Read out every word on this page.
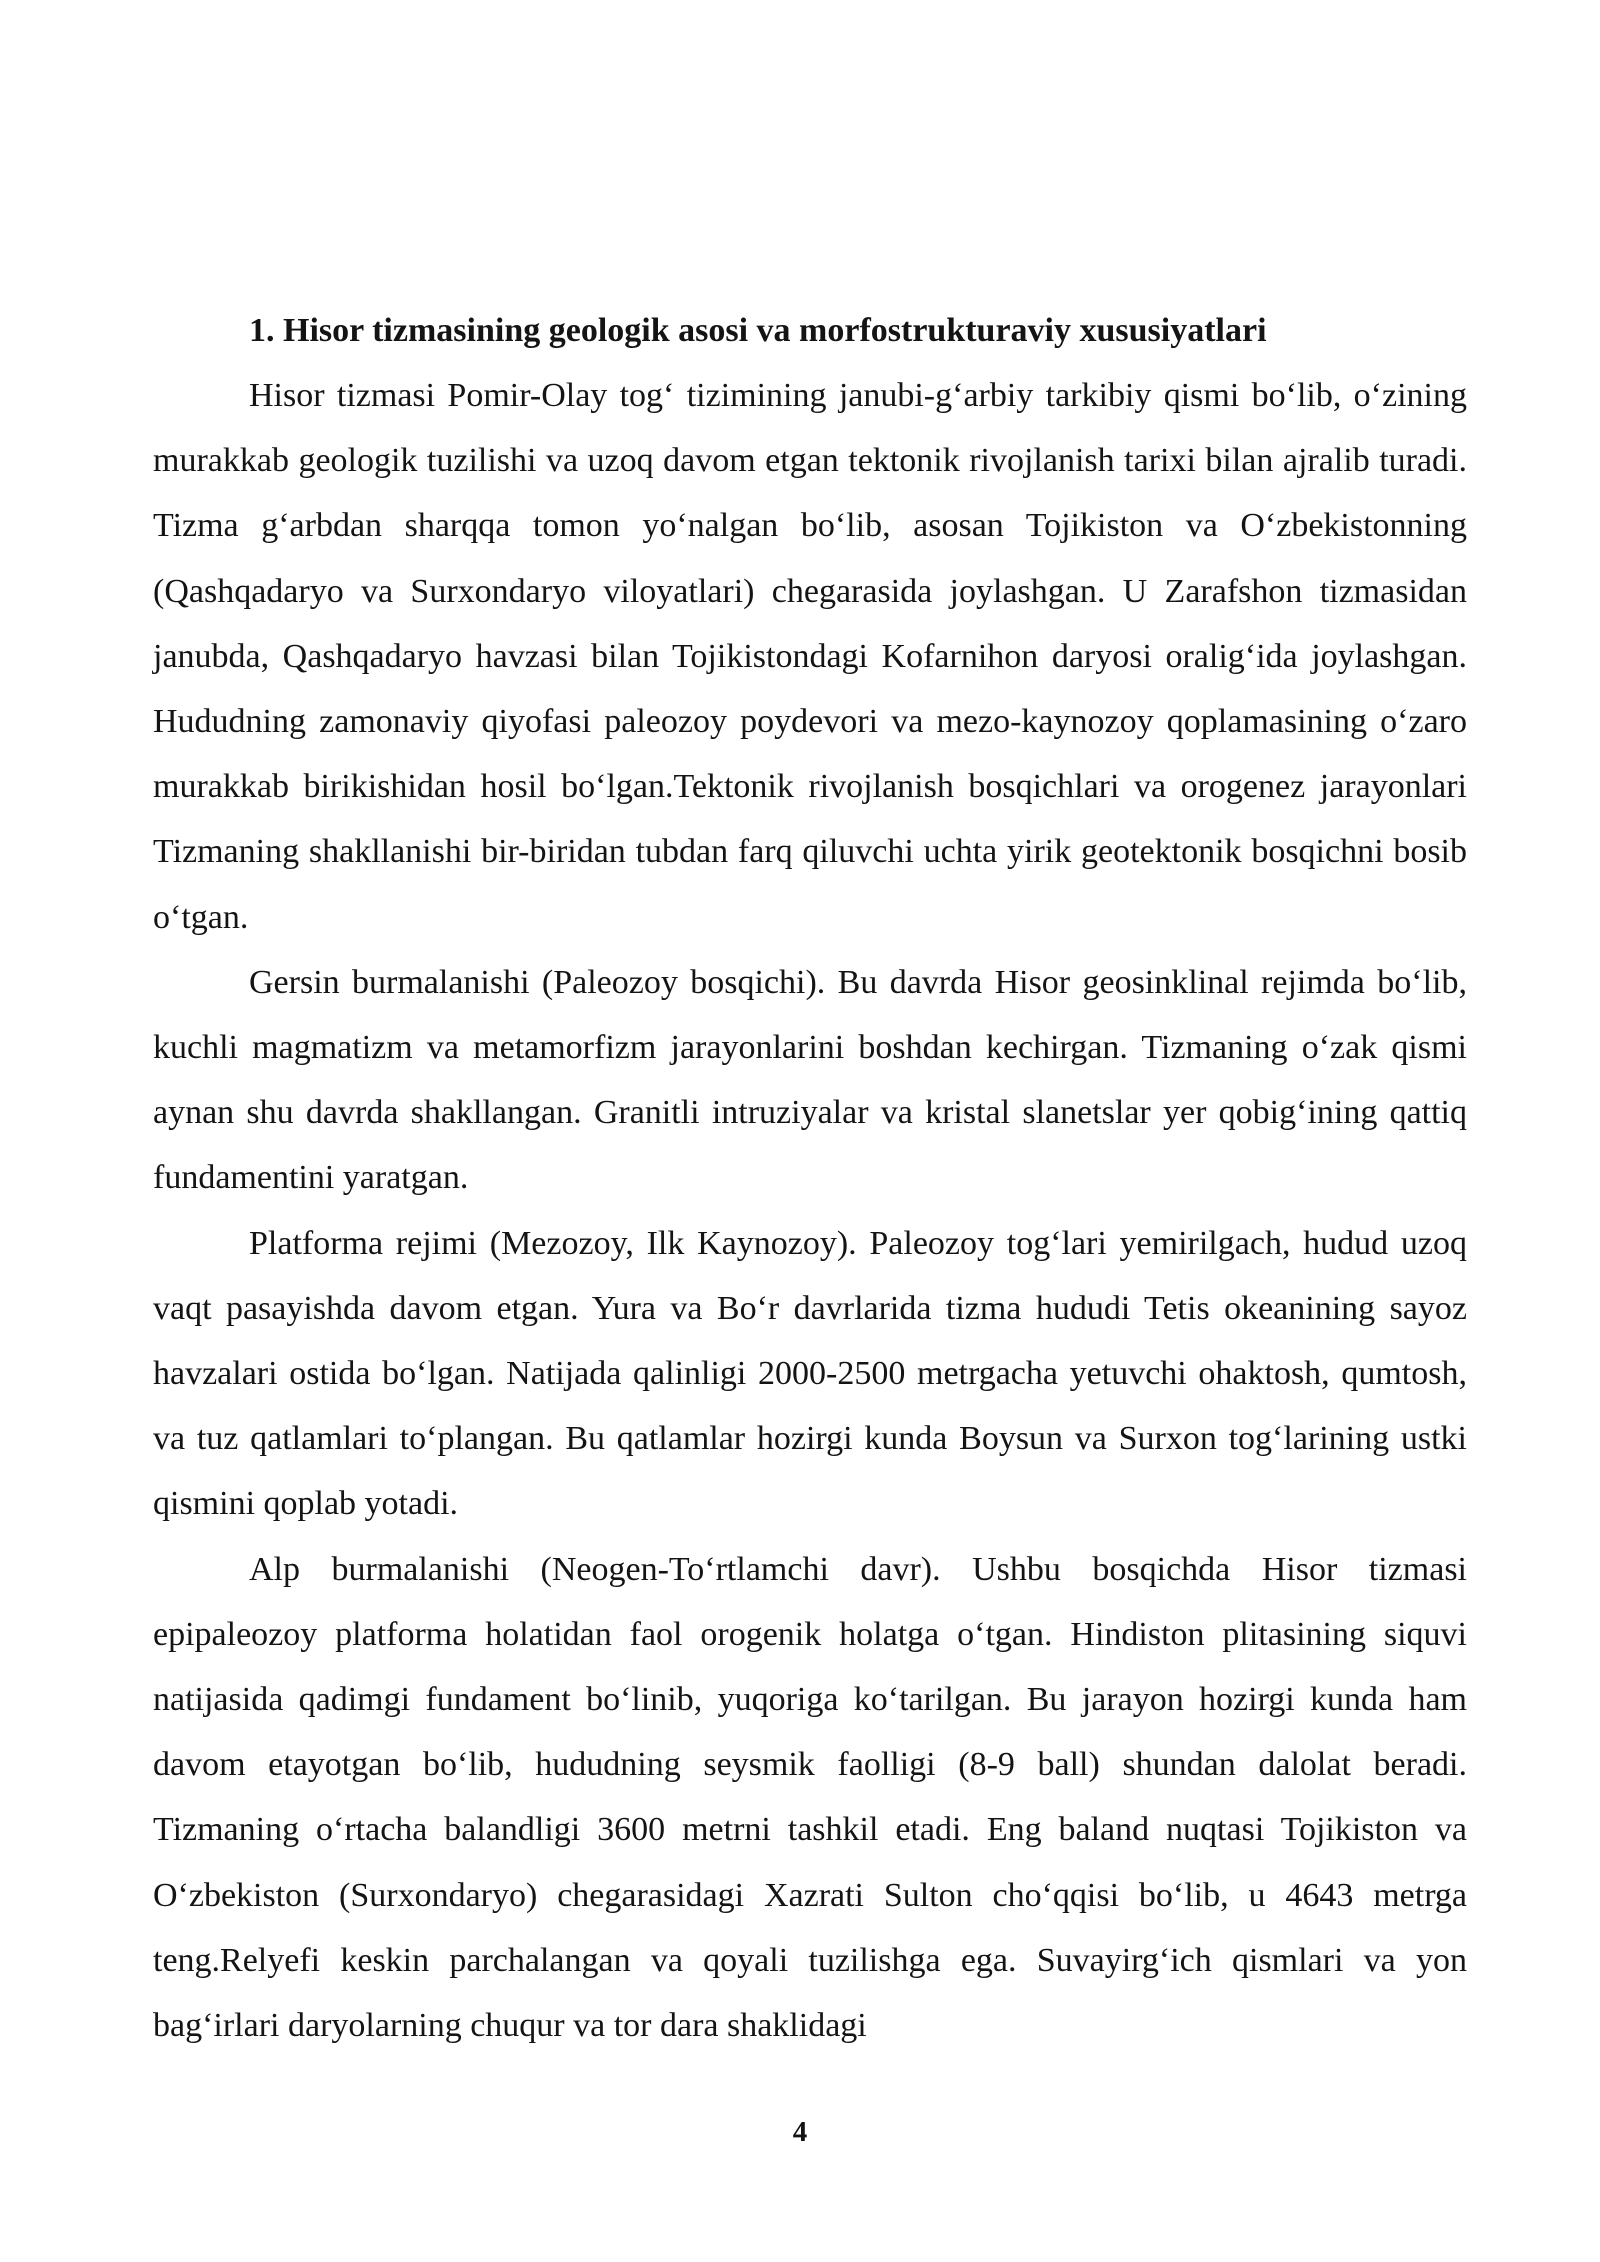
1. Hisor tizmasining geologik asosi va morfostrukturaviy xususiyatlari

Hisor tizmasi Pomir-Olay tog‘ tizimining janubi-g‘arbiy tarkibiy qismi bo‘lib, o‘zining murakkab geologik tuzilishi va uzoq davom etgan tektonik rivojlanish tarixi bilan ajralib turadi. Tizma g‘arbdan sharqqa tomon yo‘nalgan bo‘lib, asosan Tojikiston va O‘zbekistonning (Qashqadaryo va Surxondaryo viloyatlari) chegarasida joylashgan. U Zarafshon tizmasidan janubda, Qashqadaryo havzasi bilan Tojikistondagi Kofarnihon daryosi oralig‘ida joylashgan. Hududning zamonaviy qiyofasi paleozoy poydevori va mezo-kaynozoy qoplamasining o‘zaro murakkab birikishidan hosil bo‘lgan.Tektonik rivojlanish bosqichlari va orogenez jarayonlari Tizmaning shakllanishi bir-biridan tubdan farq qiluvchi uchta yirik geotektonik bosqichni bosib o‘tgan.

Gersin burmalanishi (Paleozoy bosqichi). Bu davrda Hisor geosinklinal rejimda bo‘lib, kuchli magmatizm va metamorfizm jarayonlarini boshdan kechirgan. Tizmaning o‘zak qismi aynan shu davrda shakllangan. Granitli intruziyalar va kristal slanetslar yer qobig‘ining qattiq fundamentini yaratgan.

Platforma rejimi (Mezozoy, Ilk Kaynozoy). Paleozoy tog‘lari yemirilgach, hudud uzoq vaqt pasayishda davom etgan. Yura va Bo‘r davrlarida tizma hududi Tetis okeanining sayoz havzalari ostida bo‘lgan. Natijada qalinligi 2000-2500 metrgacha yetuvchi ohaktosh, qumtosh, va tuz qatlamlari to‘plangan. Bu qatlamlar hozirgi kunda Boysun va Surxon tog‘larining ustki qismini qoplab yotadi.

Alp burmalanishi (Neogen-To‘rtlamchi davr). Ushbu bosqichda Hisor tizmasi epipaleozoy platforma holatidan faol orogenik holatga o‘tgan. Hindiston plitasining siquvi natijasida qadimgi fundament bo‘linib, yuqoriga ko‘tarilgan. Bu jarayon hozirgi kunda ham davom etayotgan bo‘lib, hududning seysmik faolligi (8-9 ball) shundan dalolat beradi. Tizmaning o‘rtacha balandligi 3600 metrni tashkil etadi. Eng baland nuqtasi Tojikiston va O‘zbekiston (Surxondaryo) chegarasidagi Xazrati Sulton cho‘qqisi bo‘lib, u 4643 metrga teng.Relyefi keskin parchalangan va qoyali tuzilishga ega. Suvayirg‘ich qismlari va yon bag‘irlari daryolarning chuqur va tor dara shaklidagi

4
